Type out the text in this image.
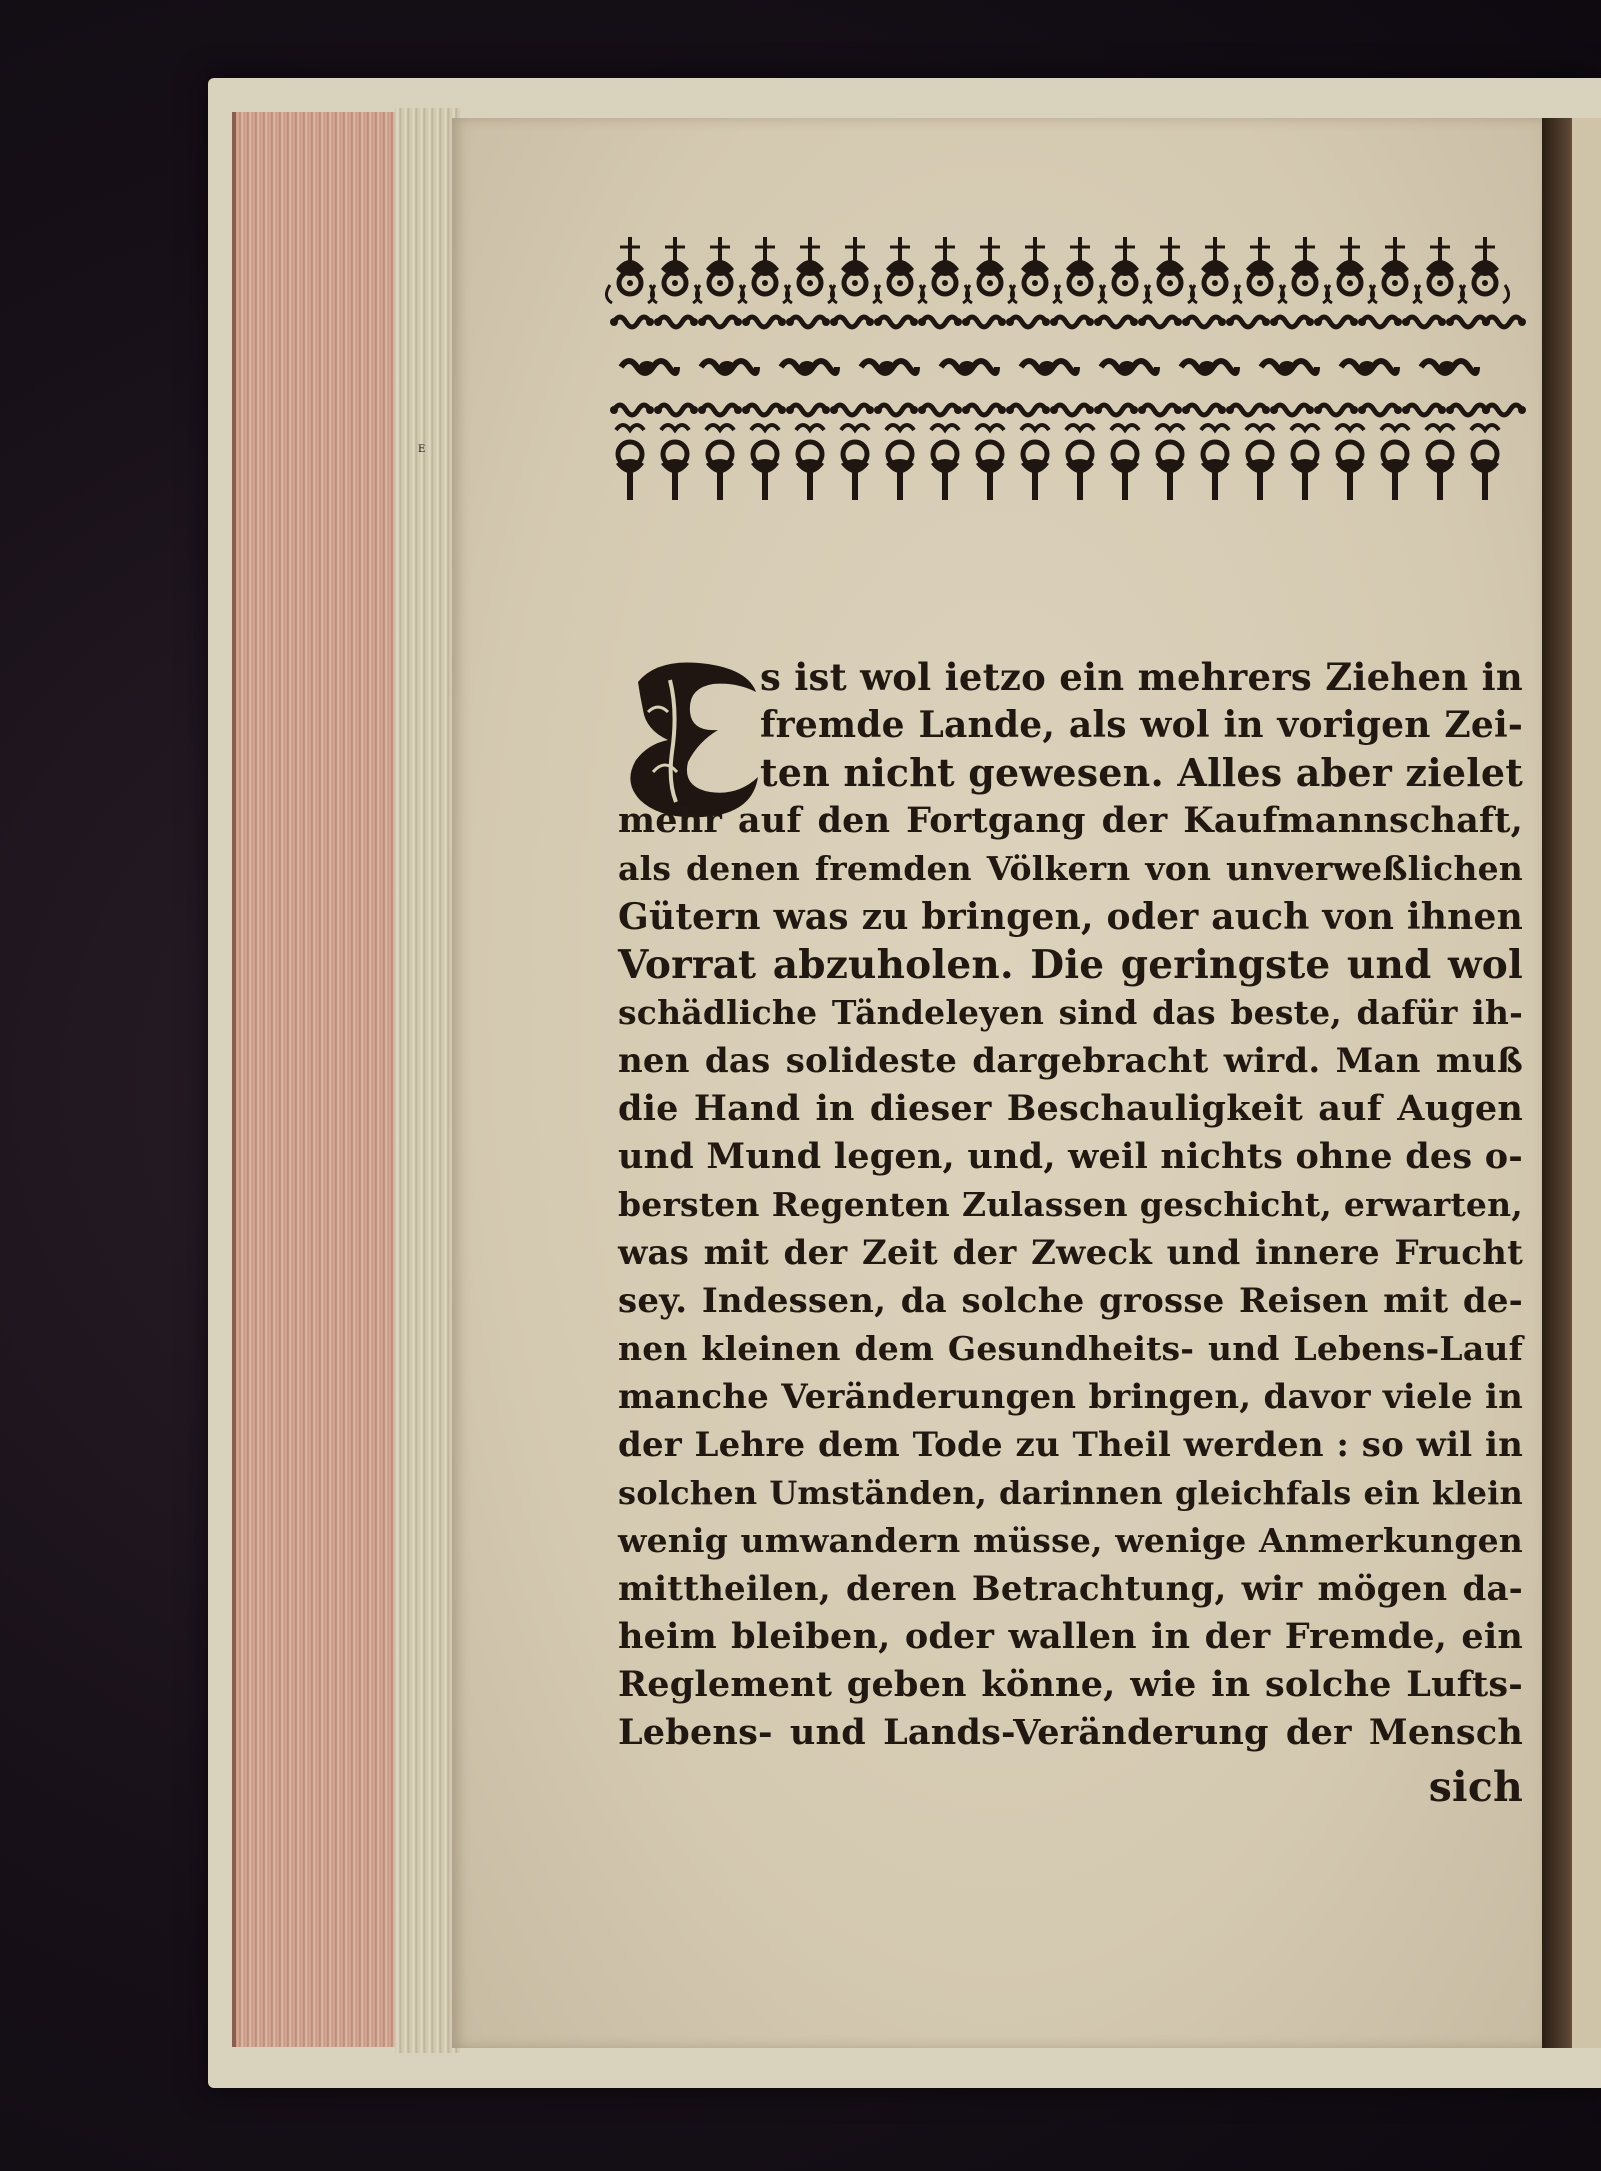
E
s ist wol ietzo ein mehrers Ziehen in
fremde Lande, als wol in vorigen Zei-
ten nicht gewesen. Alles aber zielet
mehr auf den Fortgang der Kaufmannschaft,
als denen fremden Völkern von unverweßlichen
Gütern was zu bringen, oder auch von ihnen
Vorrat abzuholen. Die geringste und wol
schädliche Tändeleyen sind das beste, dafür ih-
nen das solideste dargebracht wird. Man muß
die Hand in dieser Beschauligkeit auf Augen
und Mund legen, und, weil nichts ohne des o-
bersten Regenten Zulassen geschicht, erwarten,
was mit der Zeit der Zweck und innere Frucht
sey. Indessen, da solche grosse Reisen mit de-
nen kleinen dem Gesundheits- und Lebens-Lauf
manche Veränderungen bringen, davor viele in
der Lehre dem Tode zu Theil werden : so wil in
solchen Umständen, darinnen gleichfals ein klein
wenig umwandern müsse, wenige Anmerkungen
mittheilen, deren Betrachtung, wir mögen da-
heim bleiben, oder wallen in der Fremde, ein
Reglement geben könne, wie in solche Lufts-
Lebens- und Lands-Veränderung der Mensch
sich
